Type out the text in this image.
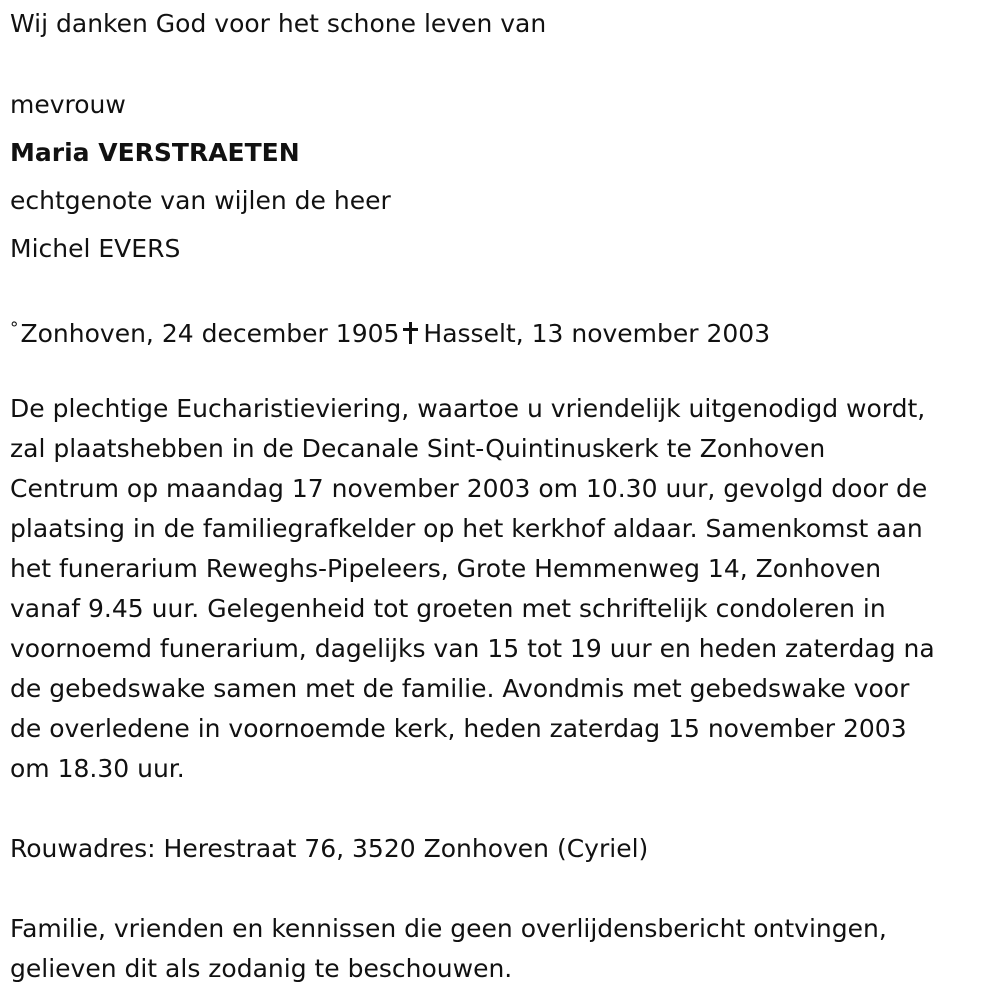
Wij danken God voor het schone leven van
mevrouw
Maria VERSTRAETEN
echtgenote van wijlen de heer
Michel EVERS
°Zonhoven, 24 december 1905 Hasselt, 13 november 2003
De plechtige Eucharistieviering, waartoe u vriendelijk uitgenodigd wordt,
zal plaatshebben in de Decanale Sint-Quintinuskerk te Zonhoven
Centrum op maandag 17 november 2003 om 10.30 uur, gevolgd door de
plaatsing in de familiegrafkelder op het kerkhof aldaar. Samenkomst aan
het funerarium Reweghs-Pipeleers, Grote Hemmenweg 14, Zonhoven
vanaf 9.45 uur. Gelegenheid tot groeten met schriftelijk condoleren in
voornoemd funerarium, dagelijks van 15 tot 19 uur en heden zaterdag na
de gebedswake samen met de familie. Avondmis met gebedswake voor
de overledene in voornoemde kerk, heden zaterdag 15 november 2003
om 18.30 uur.
Rouwadres: Herestraat 76, 3520 Zonhoven (Cyriel)
Familie, vrienden en kennissen die geen overlijdensbericht ontvingen,
gelieven dit als zodanig te beschouwen.
